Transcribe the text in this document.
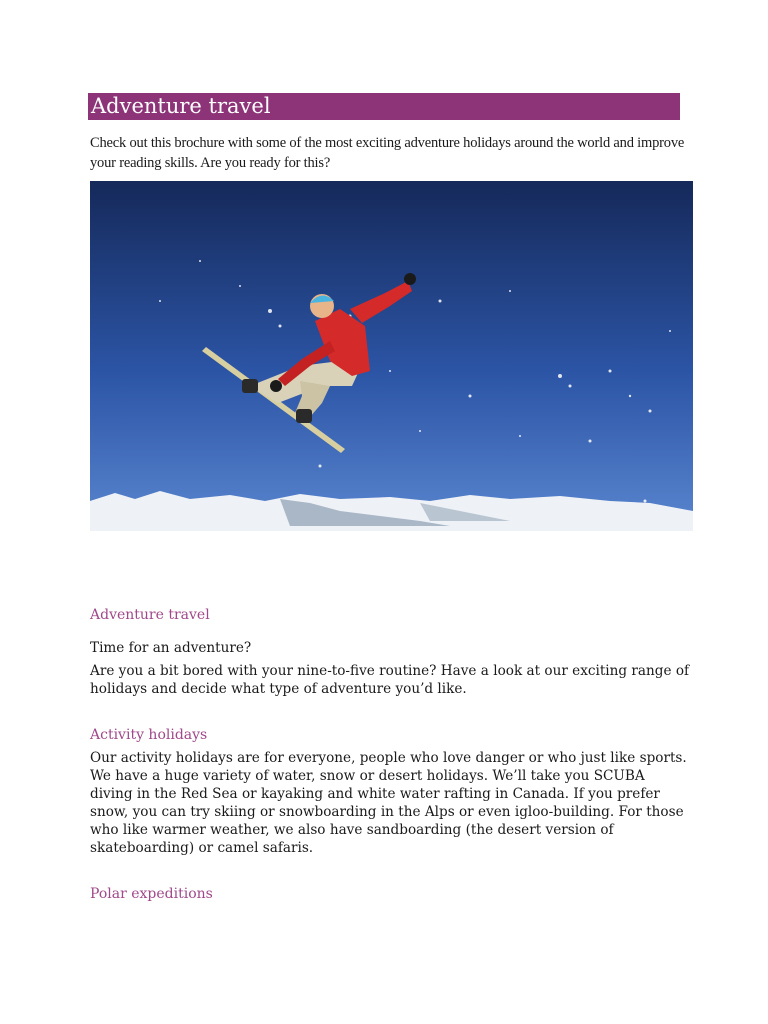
Adventure travel
Check out this brochure with some of the most exciting adventure holidays around the world and improve your reading skills. Are you ready for this?
Adventure travel
Time for an adventure?
Are you a bit bored with your nine-to-five routine? Have a look at our exciting range of holidays and decide what type of adventure you’d like.
Activity holidays
Our activity holidays are for everyone, people who love danger or who just like sports. We have a huge variety of water, snow or desert holidays. We’ll take you SCUBA diving in the Red Sea or kayaking and white water rafting in Canada. If you prefer snow, you can try skiing or snowboarding in the Alps or even igloo-building. For those who like warmer weather, we also have sandboarding (the desert version of skateboarding) or camel safaris.
Polar expeditions
